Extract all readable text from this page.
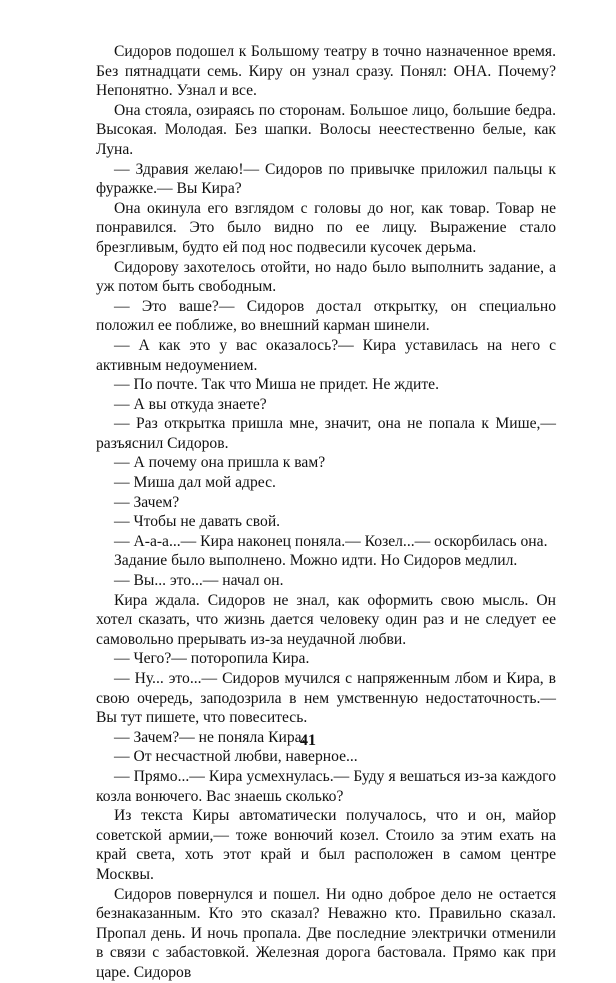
Сидоров подошел к Большому театру в точно назначенное время. Без пятнадцати семь. Киру он узнал сразу. Понял: ОНА. Почему? Непонятно. Узнал и все.

Она стояла, озираясь по сторонам. Большое лицо, большие бедра. Высокая. Молодая. Без шапки. Волосы неестественно белые, как Луна.

— Здравия желаю!— Сидоров по привычке приложил пальцы к фуражке.— Вы Кира?

Она окинула его взглядом с головы до ног, как товар. Товар не понравился. Это было видно по ее лицу. Выражение стало брезгливым, будто ей под нос подвесили кусочек дерьма.

Сидорову захотелось отойти, но надо было выполнить задание, а уж потом быть свободным.

— Это ваше?— Сидоров достал открытку, он специально положил ее поближе, во внешний карман шинели.

— А как это у вас оказалось?— Кира уставилась на него с активным недоумением.

— По почте. Так что Миша не придет. Не ждите.

— А вы откуда знаете?

— Раз открытка пришла мне, значит, она не попала к Мише,— разъяснил Сидоров.

— А почему она пришла к вам?

— Миша дал мой адрес.

— Зачем?

— Чтобы не давать свой.

— А-а-а...— Кира наконец поняла.— Козел...— оскорбилась она.

Задание было выполнено. Можно идти. Но Сидоров медлил.

— Вы... это...— начал он.

Кира ждала. Сидоров не знал, как оформить свою мысль. Он хотел сказать, что жизнь дается человеку один раз и не следует ее самовольно прерывать из-за неудачной любви.

— Чего?— поторопила Кира.

— Ну... это...— Сидоров мучился с напряженным лбом и Кира, в свою очередь, заподозрила в нем умственную недостаточность.— Вы тут пишете, что повеситесь.

— Зачем?— не поняла Кира.

— От несчастной любви, наверное...

— Прямо...— Кира усмехнулась.— Буду я вешаться из-за каждого козла вонючего. Вас знаешь сколько?

Из текста Киры автоматически получалось, что и он, майор советской армии,— тоже вонючий козел. Стоило за этим ехать на край света, хоть этот край и был расположен в самом центре Москвы.

Сидоров повернулся и пошел. Ни одно доброе дело не остается безнаказанным. Кто это сказал? Неважно кто. Правильно сказал. Пропал день. И ночь пропала. Две последние электрички отменили в связи с забастовкой. Железная дорога бастовала. Прямо как при царе. Сидоров

41
